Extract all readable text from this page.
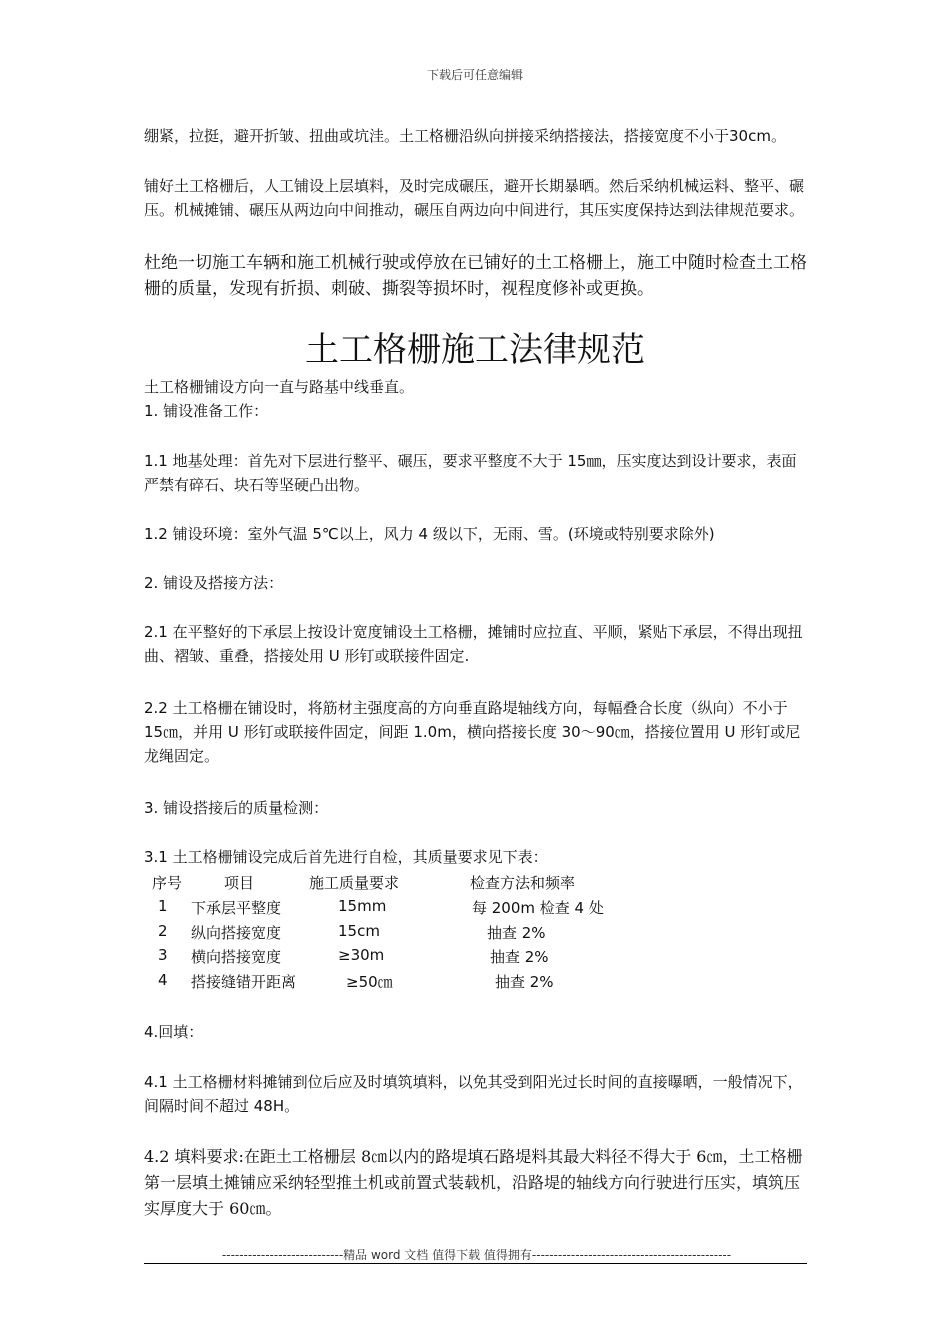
下载后可任意编辑
绷紧，拉挺，避开折皱、扭曲或坑洼。土工格栅沿纵向拼接采纳搭接法，搭接宽度不小于30cm。
铺好土工格栅后，人工铺设上层填料，及时完成碾压，避开长期暴晒。然后采纳机械运料、整平、碾压。机械摊铺、碾压从两边向中间推动，碾压自两边向中间进行，其压实度保持达到法律规范要求。
杜绝一切施工车辆和施工机械行驶或停放在已铺好的土工格栅上，施工中随时检查土工格栅的质量，发现有折损、刺破、撕裂等损坏时，视程度修补或更换。
土工格栅施工法律规范
土工格栅铺设方向一直与路基中线垂直。
1. 铺设准备工作：
1.1 地基处理：首先对下层进行整平、碾压，要求平整度不大于 15㎜，压实度达到设计要求，表面严禁有碎石、块石等坚硬凸出物。
1.2 铺设环境：室外气温 5℃以上，风力 4 级以下，无雨、雪。(环境或特别要求除外)
2. 铺设及搭接方法：
2.1 在平整好的下承层上按设计宽度铺设土工格栅，摊铺时应拉直、平顺，紧贴下承层，不得出现扭曲、褶皱、重叠，搭接处用 U 形钉或联接件固定.
2.2 土工格栅在铺设时，将筋材主强度高的方向垂直路堤轴线方向，每幅叠合长度（纵向）不小于 15㎝，并用 U 形钉或联接件固定，间距 1.0m，横向搭接长度 30～90㎝，搭接位置用 U 形钉或尼龙绳固定。
3. 铺设搭接后的质量检测：
3.1 土工格栅铺设完成后首先进行自检，其质量要求见下表：
序号	项目	施工质量要求	检查方法和频率
1 下承层平整度	15mm	每 200m 检查 4 处
2 纵向搭接宽度	15cm	抽查 2%
3 横向搭接宽度	≥30m	抽查 2%
4 搭接缝错开距离	≥50㎝	抽查 2%
4.回填：
4.1 土工格栅材料摊铺到位后应及时填筑填料，以免其受到阳光过长时间的直接曝晒，一般情况下，间隔时间不超过 48H。
4.2 填料要求:在距土工格栅层 8㎝以内的路堤填石路堤料其最大料径不得大于 6㎝，土工格栅第一层填土摊铺应采纳轻型推土机或前置式装载机，沿路堤的轴线方向行驶进行压实，填筑压实厚度大于 60㎝。
----------------------------精品 word 文档 值得下载 值得拥有----------------------------------------------
